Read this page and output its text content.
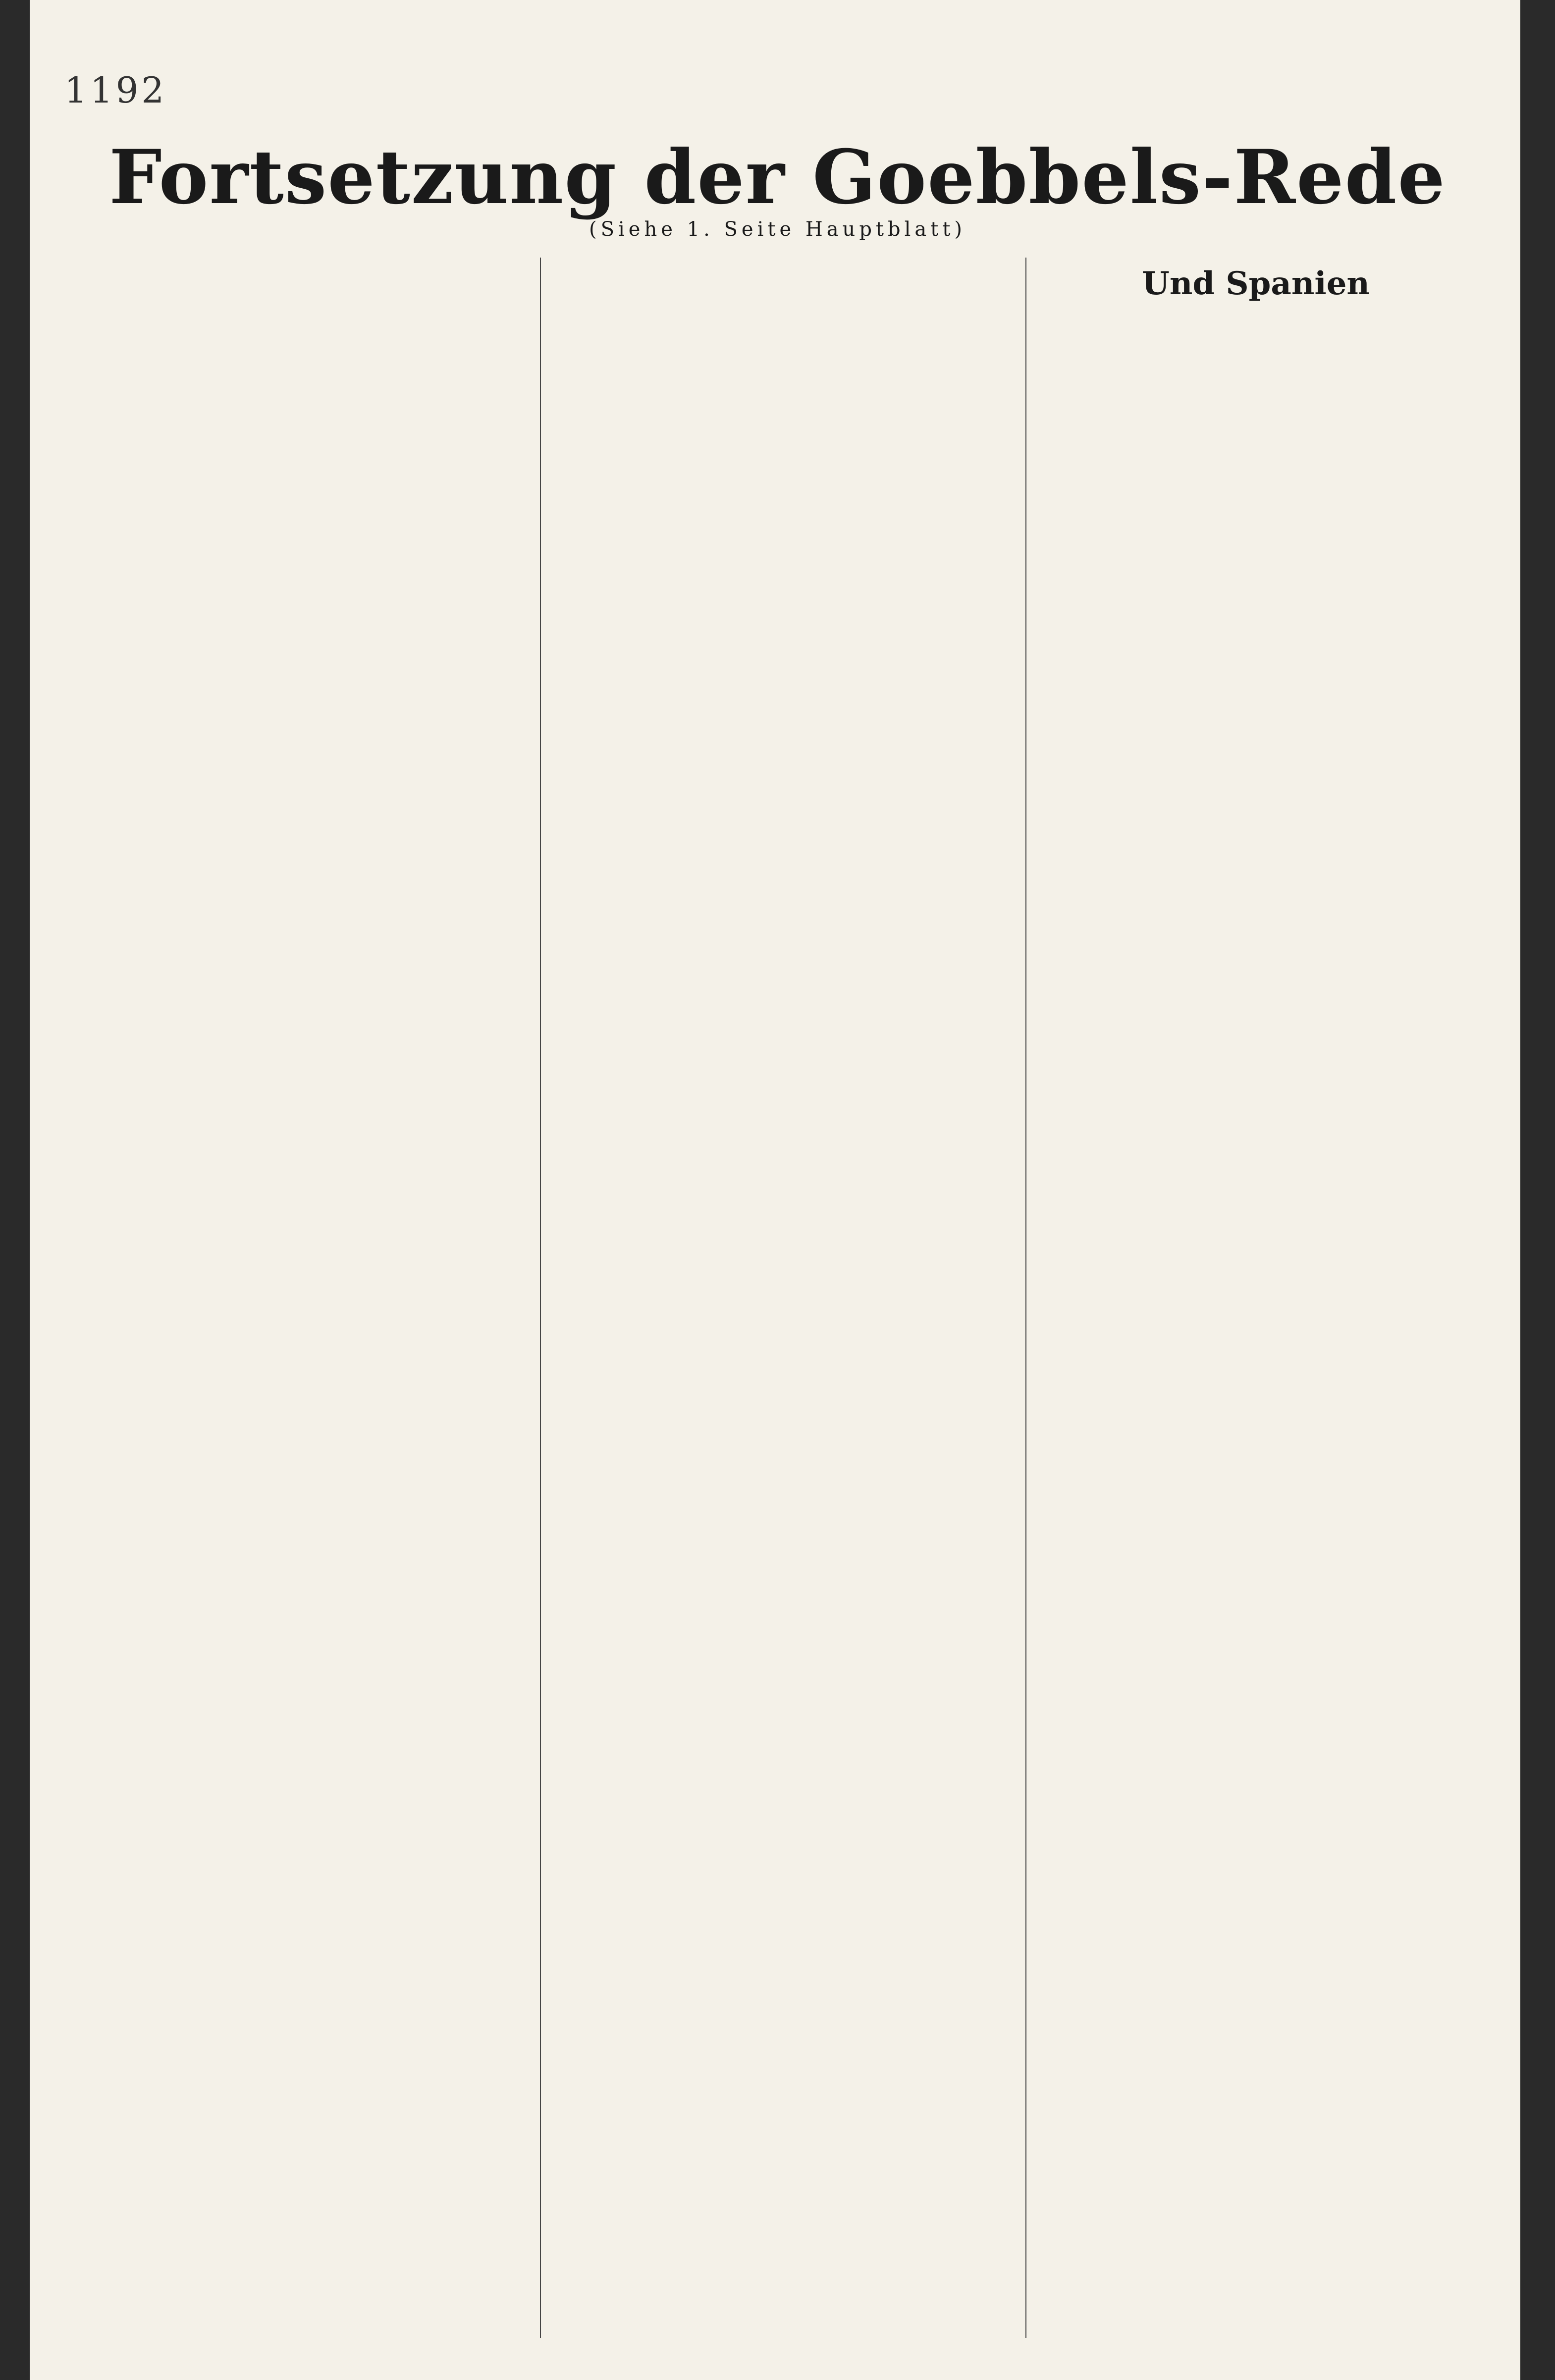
1192
Fortsetzung der Goebbels-Rede
(Siehe 1. Seite Hauptblatt)
Und Spanien
